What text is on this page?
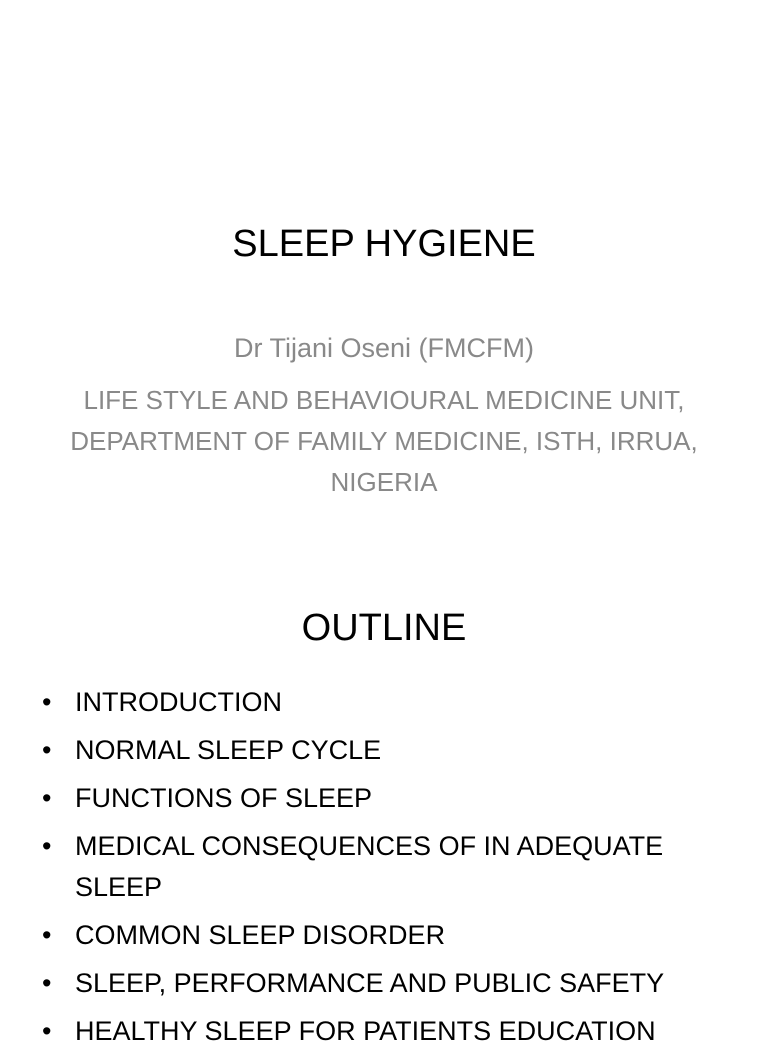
SLEEP HYGIENE
Dr Tijani Oseni (FMCFM)
LIFE STYLE AND BEHAVIOURAL MEDICINE UNIT, DEPARTMENT OF FAMILY MEDICINE, ISTH, IRRUA, NIGERIA
OUTLINE
• INTRODUCTION
• NORMAL SLEEP CYCLE
• FUNCTIONS OF SLEEP
• MEDICAL CONSEQUENCES OF IN ADEQUATE SLEEP
• COMMON SLEEP DISORDER
• SLEEP, PERFORMANCE AND PUBLIC SAFETY
• HEALTHY SLEEP FOR PATIENTS EDUCATION
